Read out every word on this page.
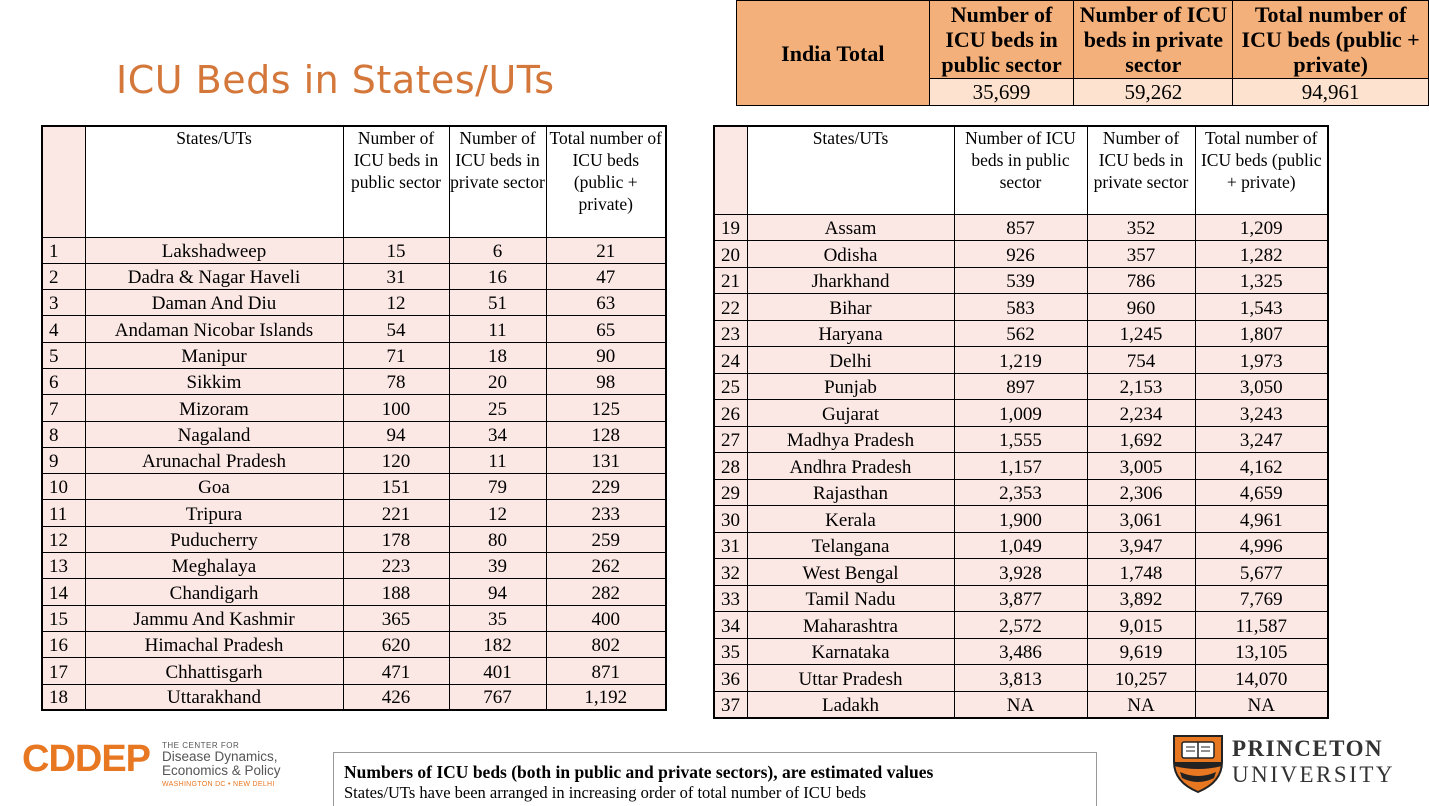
ICU Beds in States/UTs
India Total	Number of ICU beds in public sector	Number of ICU beds in private sector	Total number of ICU beds (public + private)
	35,699	59,262	94,961
	States/UTs	Number of ICU beds in public sector	Number of ICU beds in private sector	Total number of ICU beds (public + private)
1	Lakshadweep	15	6	21
2	Dadra & Nagar Haveli	31	16	47
3	Daman And Diu	12	51	63
4	Andaman Nicobar Islands	54	11	65
5	Manipur	71	18	90
6	Sikkim	78	20	98
7	Mizoram	100	25	125
8	Nagaland	94	34	128
9	Arunachal Pradesh	120	11	131
10	Goa	151	79	229
11	Tripura	221	12	233
12	Puducherry	178	80	259
13	Meghalaya	223	39	262
14	Chandigarh	188	94	282
15	Jammu And Kashmir	365	35	400
16	Himachal Pradesh	620	182	802
17	Chhattisgarh	471	401	871
18	Uttarakhand	426	767	1,192
	States/UTs	Number of ICU beds in public sector	Number of ICU beds in private sector	Total number of ICU beds (public + private)
19	Assam	857	352	1,209
20	Odisha	926	357	1,282
21	Jharkhand	539	786	1,325
22	Bihar	583	960	1,543
23	Haryana	562	1,245	1,807
24	Delhi	1,219	754	1,973
25	Punjab	897	2,153	3,050
26	Gujarat	1,009	2,234	3,243
27	Madhya Pradesh	1,555	1,692	3,247
28	Andhra Pradesh	1,157	3,005	4,162
29	Rajasthan	2,353	2,306	4,659
30	Kerala	1,900	3,061	4,961
31	Telangana	1,049	3,947	4,996
32	West Bengal	3,928	1,748	5,677
33	Tamil Nadu	3,877	3,892	7,769
34	Maharashtra	2,572	9,015	11,587
35	Karnataka	3,486	9,619	13,105
36	Uttar Pradesh	3,813	10,257	14,070
37	Ladakh	NA	NA	NA
CDDEP THE CENTER FOR
Disease Dynamics,
Economics & Policy
WASHINGTON DC • NEW DELHI
Numbers of ICU beds (both in public and private sectors), are estimated values
States/UTs have been arranged in increasing order of total number of ICU beds
PRINCETON
UNIVERSITY
